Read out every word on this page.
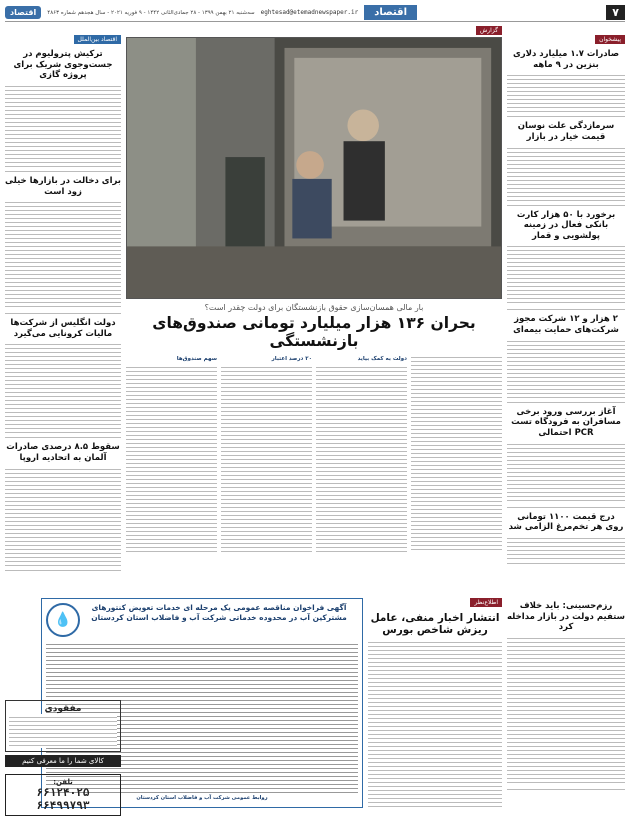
۷
اقتصاد
eghtesad@etemadnewspaper.ir
سه‌شنبه ۲۱ بهمن ۱۳۹۹ - ۲۸ جمادی‌الثانی ۱۴۴۲ - ۹ فوریه ۲۰۲۱ - سال هجدهم شماره ۴۸۶۳
اقتصاد
پیشخوان
صادرات ۱.۷ میلیارد دلاری بنزین در ۹ ماهه
سرمازدگی علت نوسان قیمت خیار در بازار
برخورد با ۵۰ هزار کارت بانکی فعال در زمینه پولشویی و قمار
۲ هزار و ۱۲ شرکت مجوز شرکت‌های حمایت بیمه‌ای
آغاز بررسی ورود برخی مسافران به فرودگاه تست PCR احتمالی
درج قیمت ۱۱۰۰ تومانی روی هر تخم‌مرغ الزامی شد
گزارش
بار مالی همسان‌سازی حقوق بازنشستگان برای دولت چقدر است؟
بحران ۱۳۶ هزار میلیارد تومانی صندوق‌های بازنشستگی
دولت به کمک بیاید
۲۰ درصد اعتبار
سهم صندوق‌ها
اقتصاد بین‌الملل
ترکیش پترولیوم در جست‌وجوی شریک برای پروژه گازی
برای دخالت در بازارها خیلی زود است
دولت انگلیس از شرکت‌ها مالیات کرونایی می‌گیرد
سقوط ۸.۵ درصدی صادرات آلمان به اتحادیه اروپا
رزم‌حسینی: باید خلاف ستفیم دولت در بازار مداخله کرد
اطلاع‌نظر
انتشار اخبار منفی، عامل ریزش شاخص بورس
آگهی فراخوان مناقصه عمومی یک مرحله ای خدمات تعویض کنتورهای مشترکین آب در محدوده خدماتی شرکت آب و فاضلاب استان کردستان
💧
روابط عمومی شرکت آب و فاضلاب استان کردستان
مفقودی
کالای شما را ما معرفی کنیم
تلفن:
۶۶۱۲۴۰۲۵
۶۶۴۹۹۷۹۳
